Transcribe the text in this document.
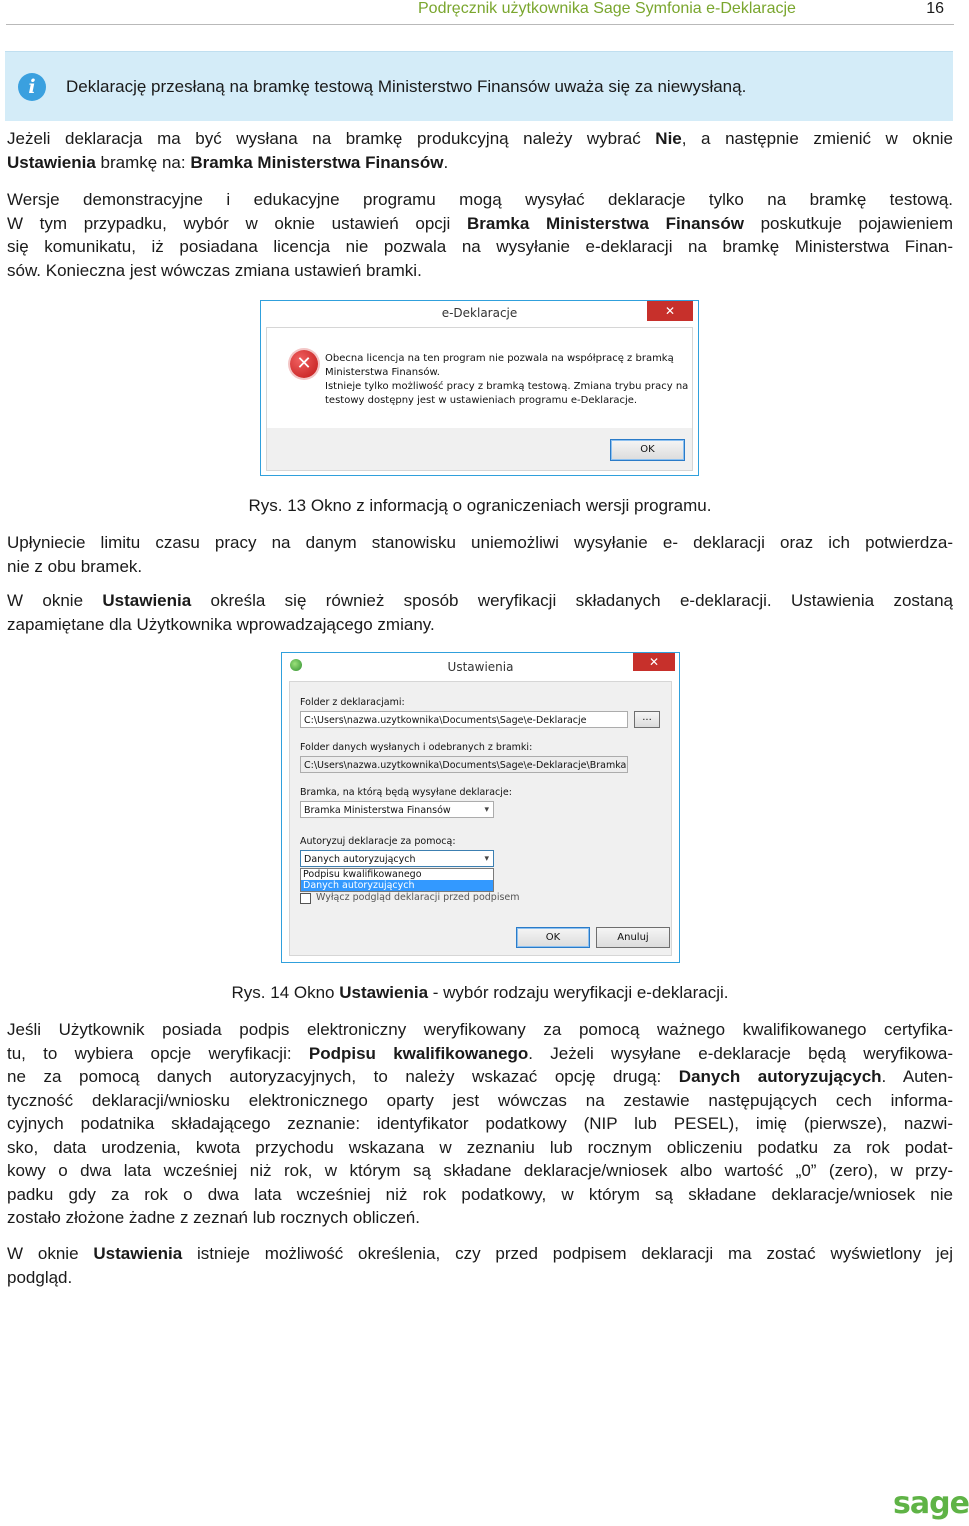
Podręcznik użytkownika Sage Symfonia e-Deklaracje	16
i	Deklarację przesłaną na bramkę testową Ministerstwo Finansów uważa się za niewysłaną.
Jeżeli deklaracja ma być wysłana na bramkę produkcyjną należy wybrać Nie, a następnie zmienić w oknie
Ustawienia bramkę na: Bramka Ministerstwa Finansów.
Wersje demonstracyjne i edukacyjne programu mogą wysyłać deklaracje tylko na bramkę testową.
W tym przypadku, wybór w oknie ustawień opcji Bramka Ministerstwa Finansów poskutkuje pojawieniem
się komunikatu, iż posiadana licencja nie pozwala na wysyłanie e-deklaracji na bramkę Ministerstwa Finan-
sów. Konieczna jest wówczas zmiana ustawień bramki.
e-Deklaracje	✕
✕	Obecna licencja na ten program nie pozwala na współpracę z bramką
Ministerstwa Finansów.
Istnieje tylko możliwość pracy z bramką testową. Zmiana trybu pracy na
testowy dostępny jest w ustawieniach programu e-Deklaracje.
OK
Rys. 13 Okno z informacją o ograniczeniach wersji programu.
Upłyniecie limitu czasu pracy na danym stanowisku uniemożliwi wysyłanie e- deklaracji oraz ich potwierdza-
nie z obu bramek.
W oknie Ustawienia określa się również sposób weryfikacji składanych e-deklaracji. Ustawienia zostaną
zapamiętane dla Użytkownika wprowadzającego zmiany.
Ustawienia	✕
Folder z deklaracjami:
C:\Users\nazwa.uzytkownika\Documents\Sage\e-Deklaracje	...
Folder danych wysłanych i odebranych z bramki:
C:\Users\nazwa.uzytkownika\Documents\Sage\e-Deklaracje\Bramka
Bramka, na którą będą wysyłane deklaracje:
Bramka Ministerstwa Finansów	▾
Autoryzuj deklaracje za pomocą:
Danych autoryzujących	▾
Podpisu kwalifikowanego
Danych autoryzujących
Wyłącz podgląd deklaracji przed podpisem
OK	Anuluj
Rys. 14 Okno Ustawienia - wybór rodzaju weryfikacji e-deklaracji.
Jeśli Użytkownik posiada podpis elektroniczny weryfikowany za pomocą ważnego kwalifikowanego certyfika-
tu, to wybiera opcje weryfikacji: Podpisu kwalifikowanego. Jeżeli wysyłane e-deklaracje będą weryfikowa-
ne za pomocą danych autoryzacyjnych, to należy wskazać opcję drugą: Danych autoryzujących. Auten-
tyczność deklaracji/wniosku elektronicznego oparty jest wówczas na zestawie następujących cech informa-
cyjnych podatnika składającego zeznanie: identyfikator podatkowy (NIP lub PESEL), imię (pierwsze), nazwi-
sko, data urodzenia, kwota przychodu wskazana w zeznaniu lub rocznym obliczeniu podatku za rok podat-
kowy o dwa lata wcześniej niż rok, w którym są składane deklaracje/wniosek albo wartość „0” (zero), w przy-
padku gdy za rok o dwa lata wcześniej niż rok podatkowy, w którym są składane deklaracje/wniosek nie
zostało złożone żadne z zeznań lub rocznych obliczeń.
W oknie Ustawienia istnieje możliwość określenia, czy przed podpisem deklaracji ma zostać wyświetlony jej
podgląd.
sage
